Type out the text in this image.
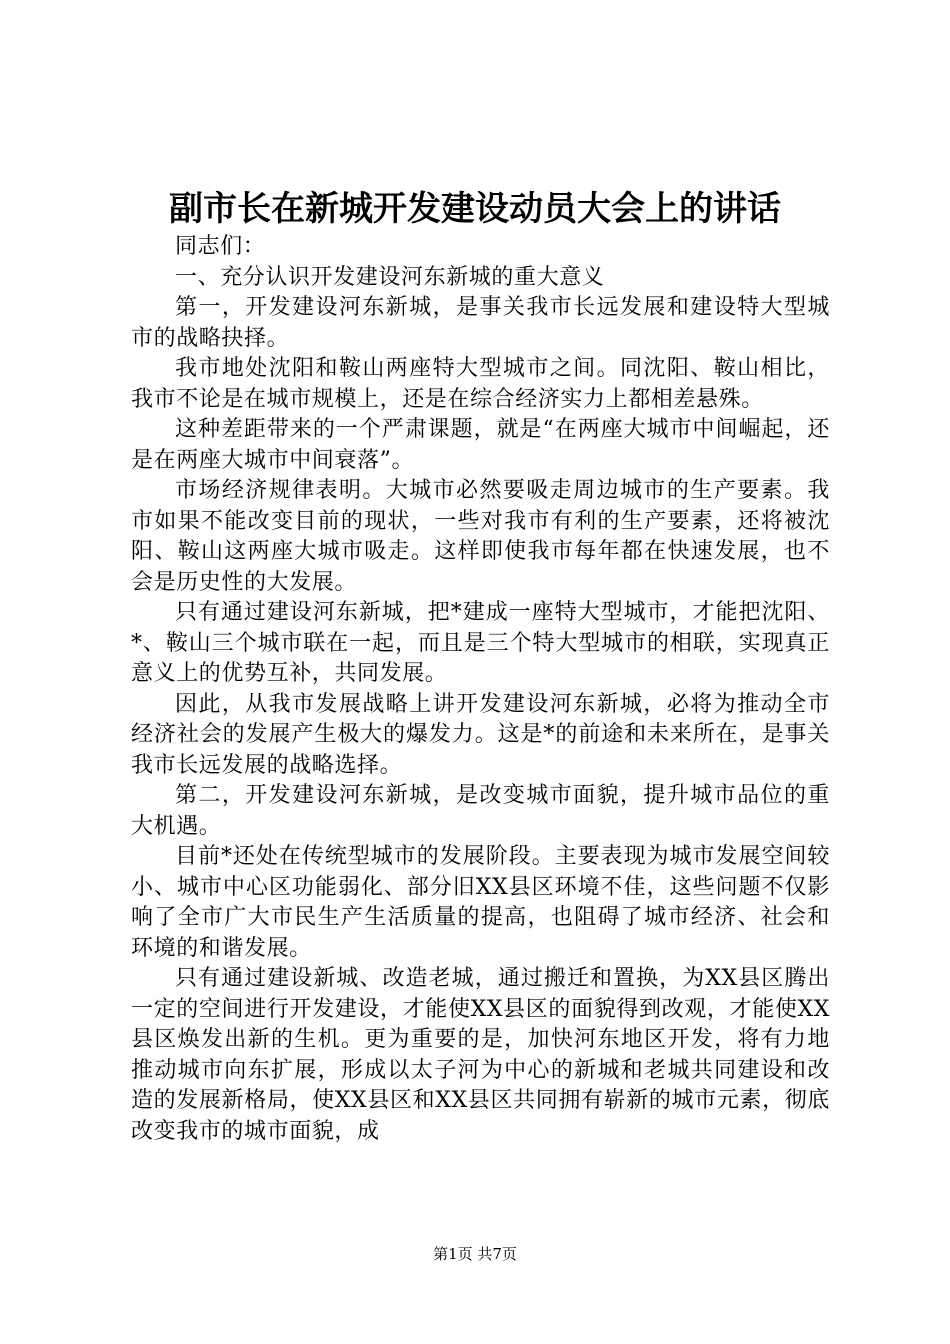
副市长在新城开发建设动员大会上的讲话

同志们：

一、充分认识开发建设河东新城的重大意义

第一，开发建设河东新城，是事关我市长远发展和建设特大型城市的战略抉择。

我市地处沈阳和鞍山两座特大型城市之间。同沈阳、鞍山相比，我市不论是在城市规模上，还是在综合经济实力上都相差悬殊。

这种差距带来的一个严肃课题，就是“在两座大城市中间崛起，还是在两座大城市中间衰落”。

市场经济规律表明。大城市必然要吸走周边城市的生产要素。我市如果不能改变目前的现状，一些对我市有利的生产要素，还将被沈阳、鞍山这两座大城市吸走。这样即使我市每年都在快速发展，也不会是历史性的大发展。

只有通过建设河东新城，把*建成一座特大型城市，才能把沈阳、*、鞍山三个城市联在一起，而且是三个特大型城市的相联，实现真正意义上的优势互补，共同发展。

因此，从我市发展战略上讲开发建设河东新城，必将为推动全市经济社会的发展产生极大的爆发力。这是*的前途和未来所在，是事关我市长远发展的战略选择。

第二，开发建设河东新城，是改变城市面貌，提升城市品位的重大机遇。

目前*还处在传统型城市的发展阶段。主要表现为城市发展空间较小、城市中心区功能弱化、部分旧XX县区环境不佳，这些问题不仅影响了全市广大市民生产生活质量的提高，也阻碍了城市经济、社会和环境的和谐发展。

只有通过建设新城、改造老城，通过搬迁和置换，为XX县区腾出一定的空间进行开发建设，才能使XX县区的面貌得到改观，才能使XX县区焕发出新的生机。更为重要的是，加快河东地区开发，将有力地推动城市向东扩展，形成以太子河为中心的新城和老城共同建设和改造的发展新格局，使XX县区和XX县区共同拥有崭新的城市元素，彻底改变我市的城市面貌，成

第1页 共7页
